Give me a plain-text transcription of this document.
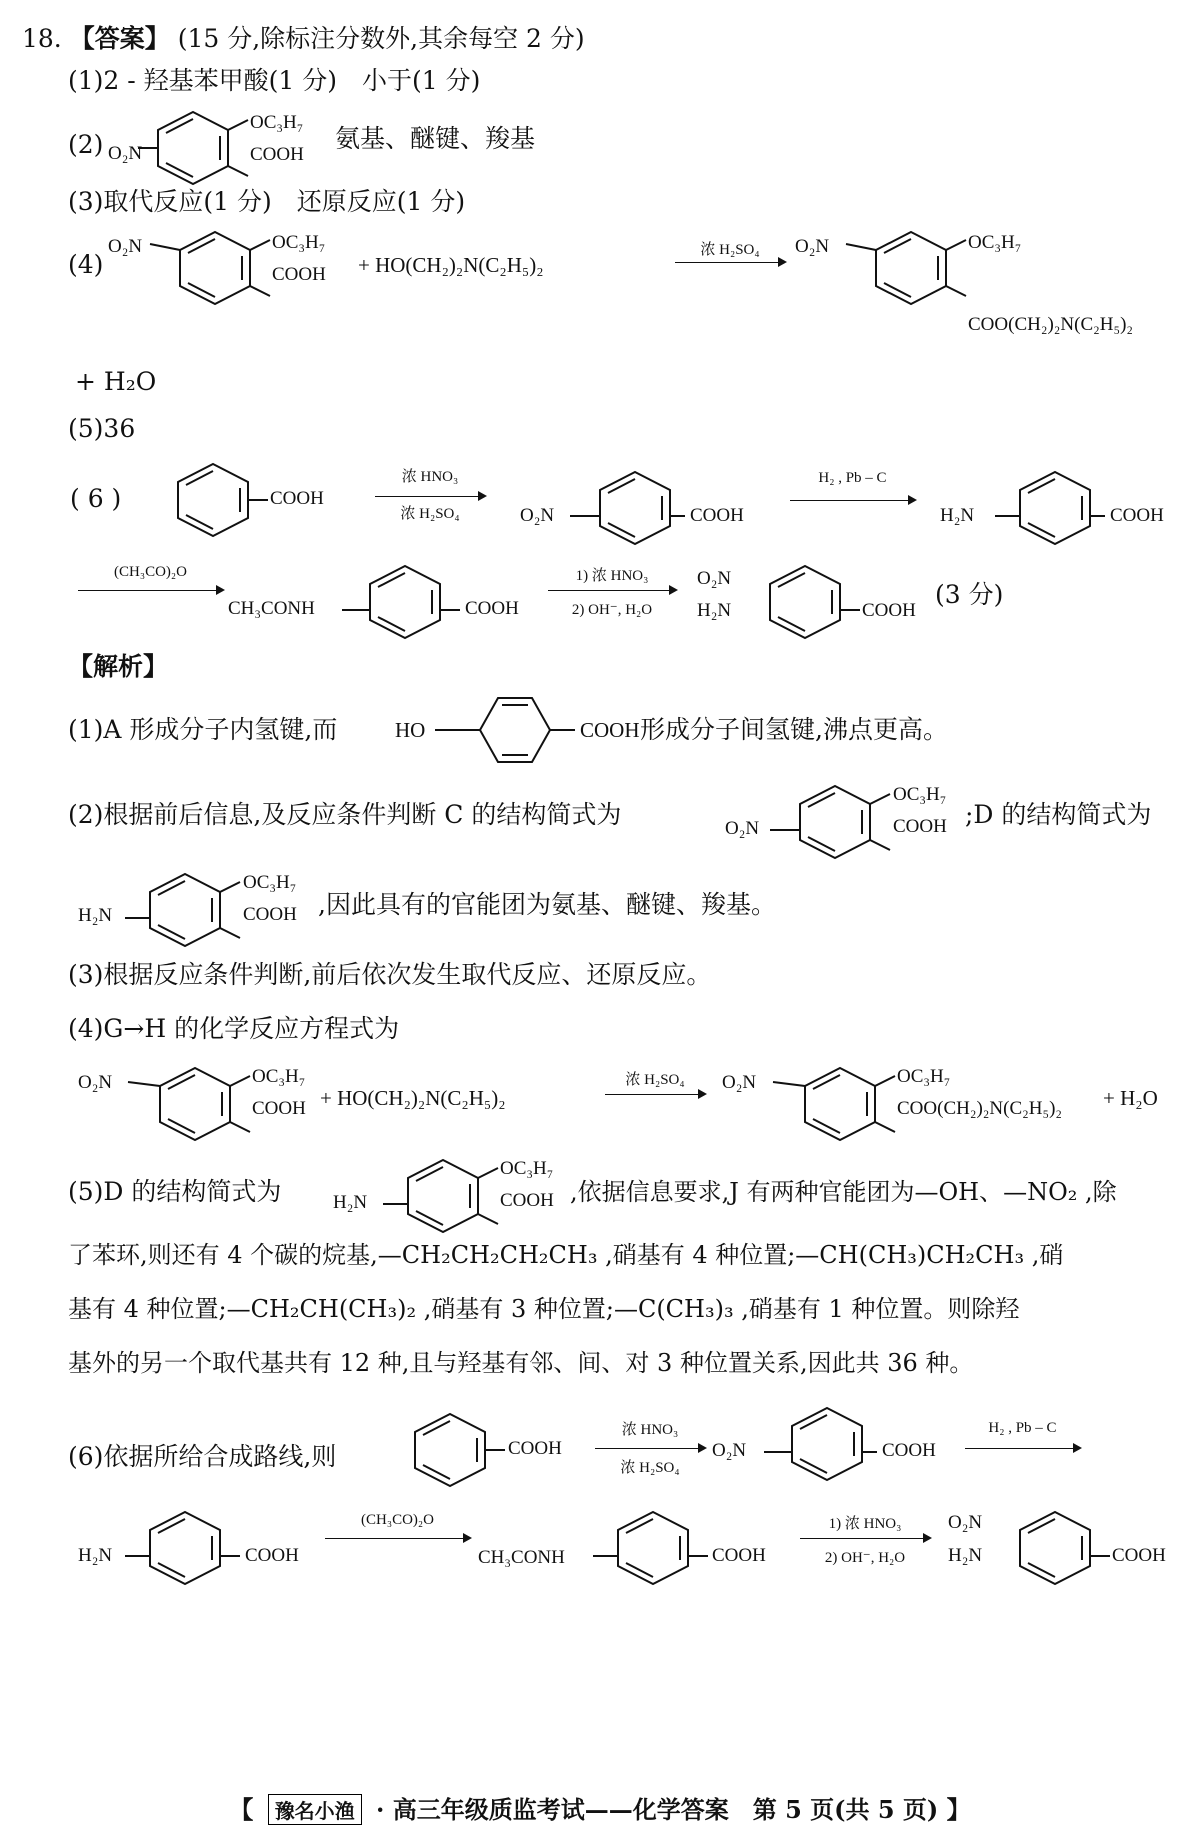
18. 【答案】 (15 分,除标注分数外,其余每空 2 分)
(1)2 - 羟基苯甲酸(1 分)　小于(1 分)
(2) O₂N
OC₃H₇
COOH
氨基、醚键、羧基
(3)取代反应(1 分)　还原反应(1 分)
(4)
O₂N	OC₃H₇
COOH + HO(CH₂)₂N(C₂H₅)₂
浓 H₂SO₄	O₂N	OC₃H₇
COO(CH₂)₂N(C₂H₅)₂
+ H₂O
(5)36
( 6 )	COOH
浓 HNO₃
浓 H₂SO₄	O₂N	COOH
H₂ , Pb – C
H₂N	COOH
(CH₃CO)₂O
CH₃CONH	COOH
1) 浓 HNO₃
2) OH⁻, H₂O
O₂N
H₂N	COOH
(3 分)
【解析】
(1)A 形成分子内氢键,而	HO	COOH 形成分子间氢键,沸点更高。
(2)根据前后信息,及反应条件判断 C 的结构简式为	O₂N
OC₃H₇
COOH ;D 的结构简式为
H₂N
OC₃H₇
COOH ,因此具有的官能团为氨基、醚键、羧基。
(3)根据反应条件判断,前后依次发生取代反应、还原反应。
(4)G→H 的化学反应方程式为
O₂N	OC₃H₇
COOH + HO(CH₂)₂N(C₂H₅)₂
浓 H₂SO₄	O₂N	OC₃H₇
COO(CH₂)₂N(C₂H₅)₂ + H₂O
(5)D 的结构简式为	H₂N
OC₃H₇
COOH ,依据信息要求,J 有两种官能团为—OH、—NO₂ ,除
了苯环,则还有 4 个碳的烷基,—CH₂CH₂CH₂CH₃ ,硝基有 4 种位置;—CH(CH₃)CH₂CH₃ ,硝
基有 4 种位置;—CH₂CH(CH₃)₂ ,硝基有 3 种位置;—C(CH₃)₃ ,硝基有 1 种位置。则除羟
基外的另一个取代基共有 12 种,且与羟基有邻、间、对 3 种位置关系,因此共 36 种。
(6)依据所给合成路线,则	COOH
浓 HNO₃
浓 H₂SO₄
O₂N	COOH
H₂ , Pb – C
H₂N	COOH
(CH₃CO)₂O
CH₃CONH	COOH
1) 浓 HNO₃
2) OH⁻, H₂O
O₂N
H₂N	COOH
【 豫名小渔 · 高三年级质监考试——化学答案　第 5 页(共 5 页) 】
